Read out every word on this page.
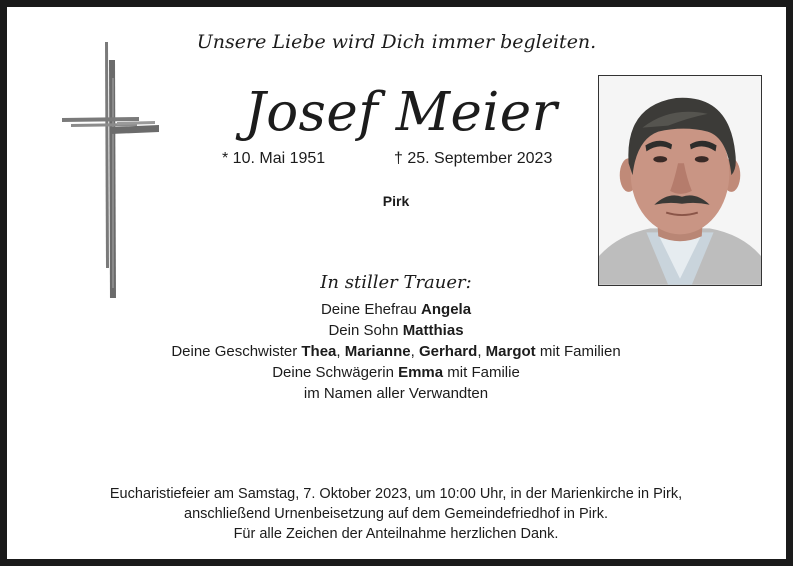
Unsere Liebe wird Dich immer begleiten.
Josef Meier
* 10. Mai 1951	† 25. September 2023
Pirk
In stiller Trauer:
Deine Ehefrau Angela
Dein Sohn Matthias
Deine Geschwister Thea, Marianne, Gerhard, Margot mit Familien
Deine Schwägerin Emma mit Familie
im Namen aller Verwandten
Eucharistiefeier am Samstag, 7. Oktober 2023, um 10:00 Uhr, in der Marienkirche in Pirk,
anschließend Urnenbeisetzung auf dem Gemeindefriedhof in Pirk.
Für alle Zeichen der Anteilnahme herzlichen Dank.
